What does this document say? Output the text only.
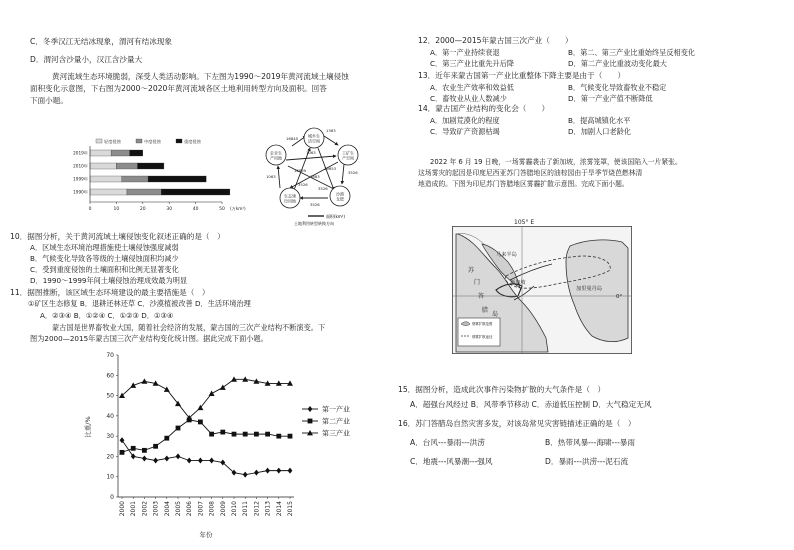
C．冬季汉江无结冰现象，渭河有结冰现象
D．渭河含沙量小，汉江含沙量大
黄河流域生态环境脆弱，深受人类活动影响。下左图为1990～2019年黄河流域土壤侵蚀
面积变化示意图，下右图为2000～2020年黄河流域各区土地利用转型方向及面积。回答
下面小题。
轻度侵蚀	中度侵蚀	重度侵蚀
2019年
2010年
1999年
1990年
0	10	20	30	40	50 (万km²)
城乡生
活空间
工矿生
产空间
沙漠
戈壁
生态建
设用地
农业生
产用地
16845
1363
3526
3526
1063
1063
16839	19653
1863
3526
3526
面积(km²)
土地利用转型转换方向
10．据图分析，关于黄河流域土壤侵蚀变化叙述正确的是（　）
A．区域生态环境治理措施使土壤侵蚀强度减弱
B．气候变化导致各等级的土壤侵蚀面积均减少
C．受到重度侵蚀的土壤面积和比例无显著变化
D．1990～1999年间土壤侵蚀治理成效最为明显
11．据图推断，该区域生态环境建设的最主要措施是（　）
①矿区生态修复 B．退耕还林还草 C．沙漠植被改善 D．生活环境治理
A．②③④ B．①②④ C．①②③ D．①③④
蒙古国是世界畜牧业大国，随着社会经济的发展，蒙古国的三次产业结构不断演变。下
图为2000—2015年蒙古国三次产业结构变化统计图。据此完成下面小题。
0
10
20
30
40
50
60
70
2000 2001 2002 2003 2004 2005 2006 2007 2008 2009 2010 2011 2012 2013 2014 2015
比重/%
年份
第一产业
第二产业
第三产业
12．2000—2015年蒙古国三次产业（　　）
A．第一产业持续衰退	B．第二、第三产业比重始终呈反相变化
C．第三产业比重先升后降	D．第二产业比重波动变化最大
13．近年来蒙古国第一产业比重整体下降主要是由于（　　）
A．农业生产效率和效益低	B．气候变化导致畜牧业不稳定
C．畜牧业从业人数减少	D．第一产业产值不断降低
14．蒙古国产业结构的变化会（　　）
A．加剧荒漠化的程度	B．提高城镇化水平
C．导致矿产资源枯竭	D．加剧人口老龄化
2022 年 6 月 19 日晚，一场雾霾袭击了新加坡，浓雾笼罩，使该国陷入一片紧张。
这场雾灾的起因是印度尼西亚苏门答腊地区的油棕园由于旱季节烧芭燃林清
地造成的。下图为印尼苏门答腊地区雾霾扩散示意图。完成下面小题。
105° E
0°
马来半岛
苏
门
答
腊
岛
新加坡
加里曼丹岛
烟雾扩散范围
烟雾扩散途径
15．据图分析，造成此次事件污染物扩散的大气条件是（　）
A．超强台风经过 B．风带季节移动 C．赤道低压控制 D．大气稳定无风
16．苏门答腊岛自然灾害多发，对该岛常见灾害链描述正确的是（　）
A．台风---暴雨---洪涝	B．热带风暴---海啸---暴雨
C．地震---风暴潮---强风	D．暴雨---洪涝---泥石流
